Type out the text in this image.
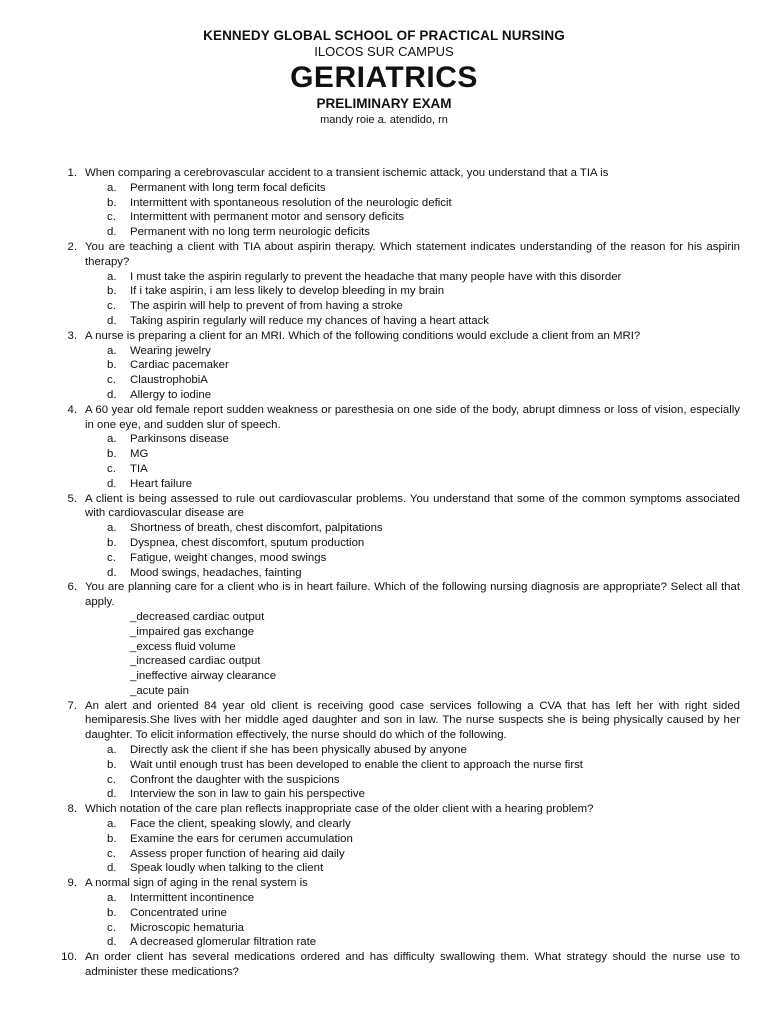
KENNEDY GLOBAL SCHOOL OF PRACTICAL NURSING
ILOCOS SUR CAMPUS
GERIATRICS
PRELIMINARY EXAM
mandy roie a. atendido, rn
1. When comparing a cerebrovascular accident to a transient ischemic attack, you understand that a TIA is
a. Permanent with long term focal deficits
b. Intermittent with spontaneous resolution of the neurologic deficit
c. Intermittent with permanent motor and sensory deficits
d. Permanent with no long term neurologic deficits
2. You are teaching a client with TIA about aspirin therapy. Which statement indicates understanding of the reason for his aspirin therapy?
a. I must take the aspirin regularly to prevent the headache that many people have with this disorder
b. If i take aspirin, i am less likely to develop bleeding in my brain
c. The aspirin will help to prevent of from having a stroke
d. Taking aspirin regularly will reduce my chances of having a heart attack
3. A nurse is preparing a client for an MRI. Which of the following conditions would exclude a client from an MRI?
a. Wearing jewelry
b. Cardiac pacemaker
c. ClaustrophobiA
d. Allergy to iodine
4. A 60 year old female report sudden weakness or paresthesia on one side of the body, abrupt dimness or loss of vision, especially in one eye, and sudden slur of speech.
a. Parkinsons disease
b. MG
c. TIA
d. Heart failure
5. A client is being assessed to rule out cardiovascular problems. You understand that some of the common symptoms associated with cardiovascular disease are
a. Shortness of breath, chest discomfort, palpitations
b. Dyspnea, chest discomfort, sputum production
c. Fatigue, weight changes, mood swings
d. Mood swings, headaches, fainting
6. You are planning care for a client who is in heart failure. Which of the following nursing diagnosis are appropriate? Select all that apply.
_decreased cardiac output
_impaired gas exchange
_excess fluid volume
_increased cardiac output
_ineffective airway clearance
_acute pain
7. An alert and oriented 84 year old client is receiving good case services following a CVA that has left her with right sided hemiparesis.She lives with her middle aged daughter and son in law. The nurse suspects she is being physically caused by her daughter. To elicit information effectively, the nurse should do which of the following.
a. Directly ask the client if she has been physically abused by anyone
b. Wait until enough trust has been developed to enable the client to approach the nurse first
c. Confront the daughter with the suspicions
d. Interview the son in law to gain his perspective
8. Which notation of the care plan reflects inappropriate case of the older client with a hearing problem?
a. Face the client, speaking slowly, and clearly
b. Examine the ears for cerumen accumulation
c. Assess proper function of hearing aid daily
d. Speak loudly when talking to the client
9. A normal sign of aging in the renal system is
a. Intermittent incontinence
b. Concentrated urine
c. Microscopic hematuria
d. A decreased glomerular filtration rate
10. An order client has several medications ordered and has difficulty swallowing them. What strategy should the nurse use to administer these medications?
